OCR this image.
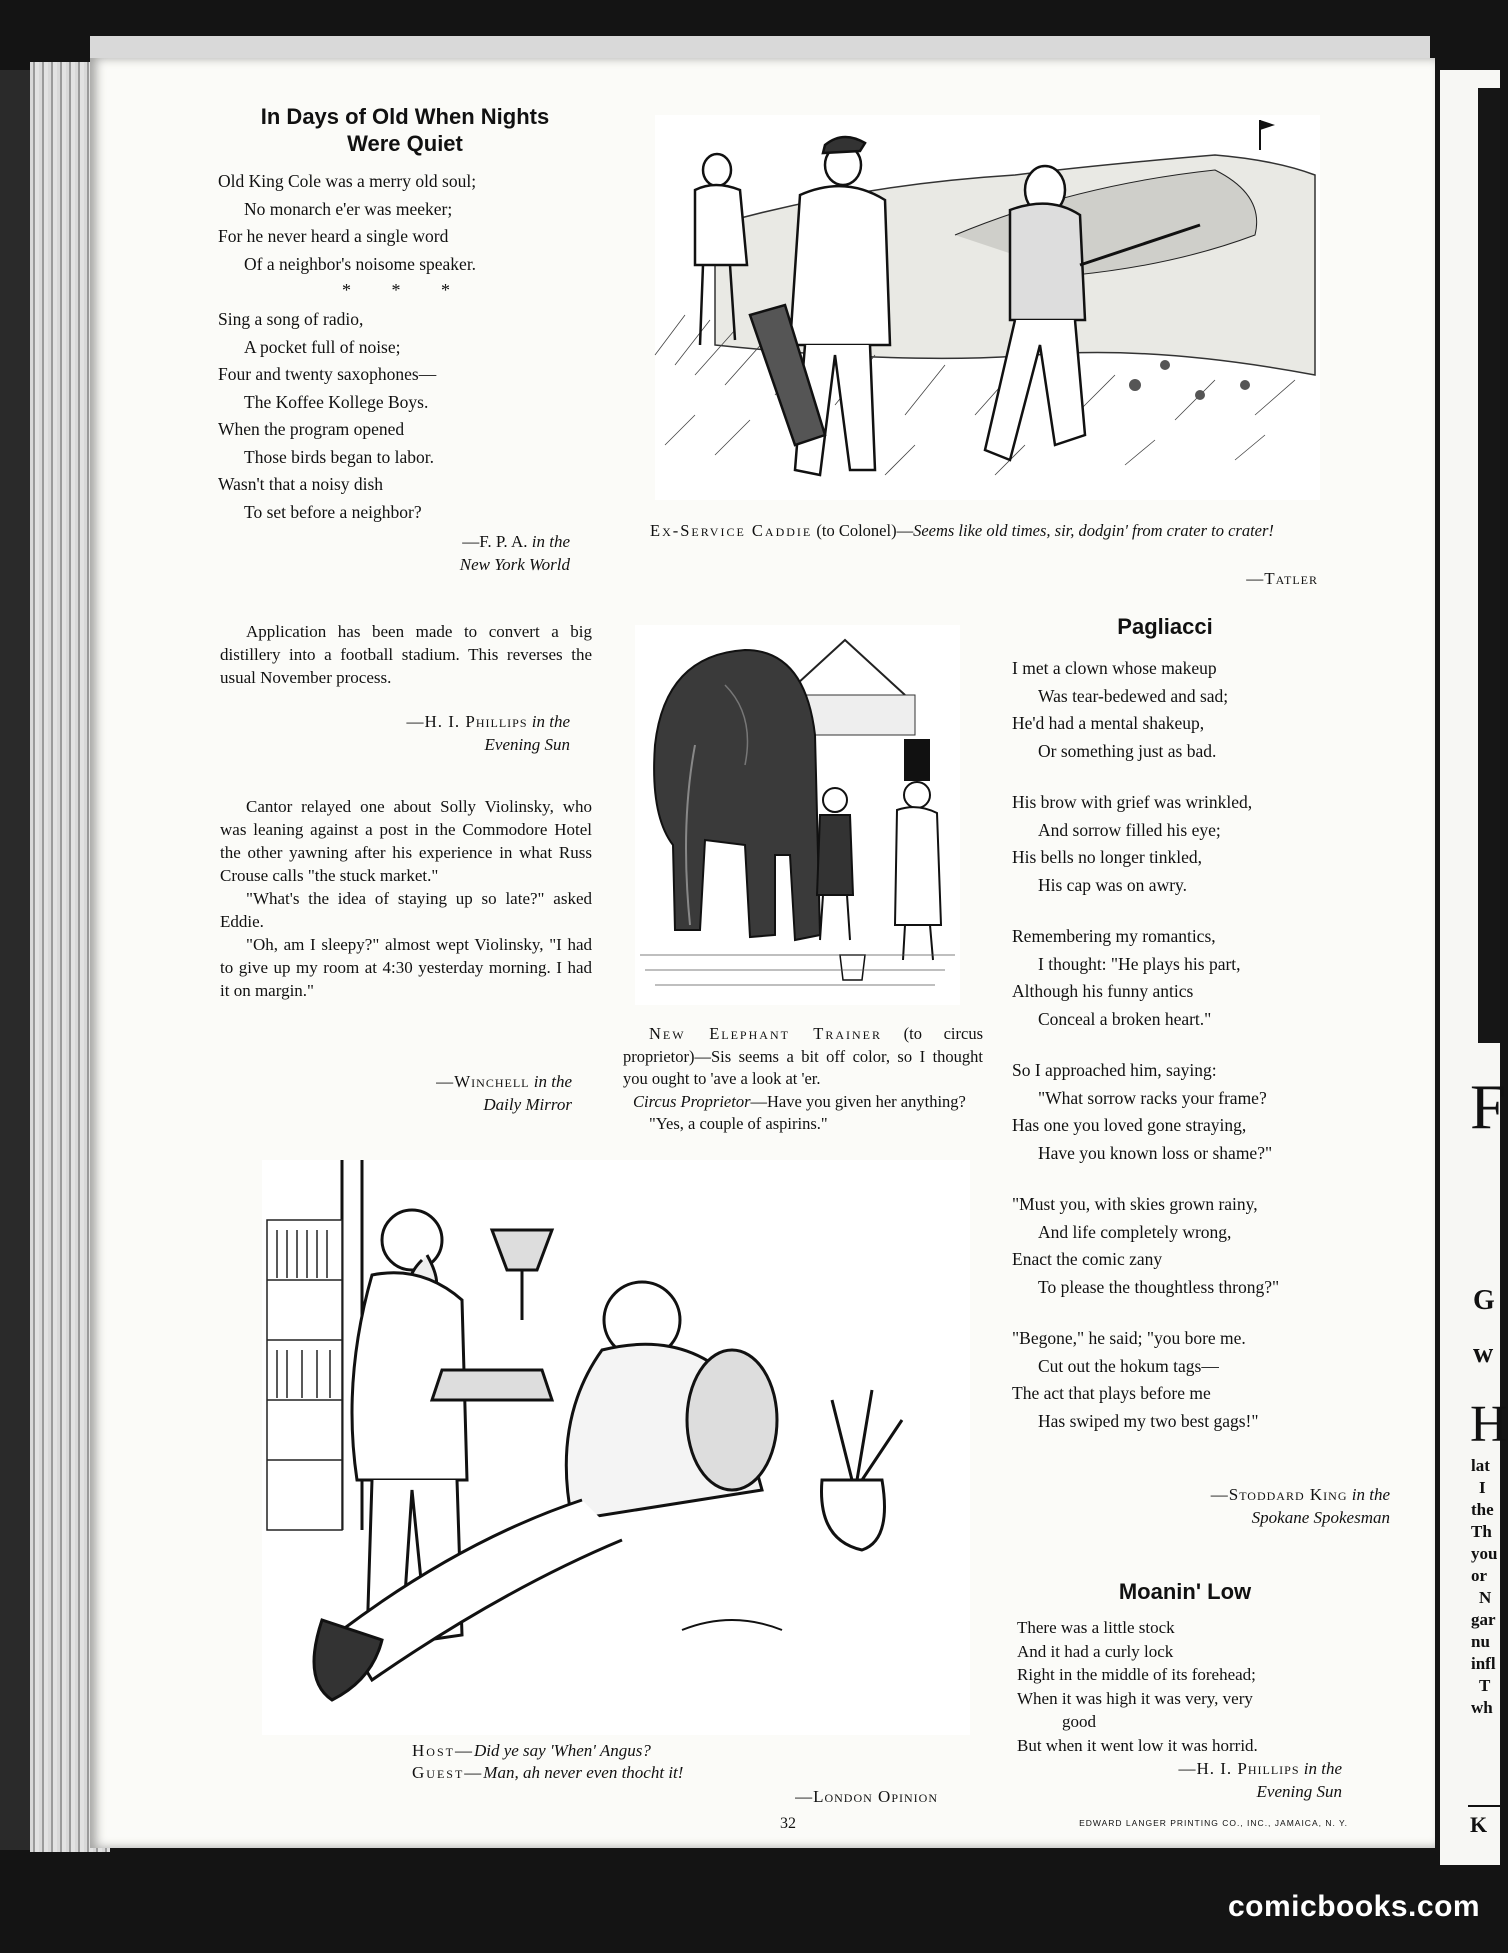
In Days of Old When Nights
Were Quiet
Old King Cole was a merry old soul;
No monarch e'er was meeker;
For he never heard a single word
Of a neighbor's noisome speaker.
* * *
Sing a song of radio,
A pocket full of noise;
Four and twenty saxophones—
The Koffee Kollege Boys.
When the program opened
Those birds began to labor.
Wasn't that a noisy dish
To set before a neighbor?
—F. P. A. in the
New York World

Application has been made to convert a big distillery into a football stadium. This reverses the usual November process.

—H. I. Phillips in the
Evening Sun

Cantor relayed one about Solly Violinsky, who was leaning against a post in the Commodore Hotel the other yawning after his experience in what Russ Crouse calls "the stuck market."

"What's the idea of staying up so late?" asked Eddie.

"Oh, am I sleepy?" almost wept Violinsky, "I had to give up my room at 4:30 yesterday morning. I had it on margin."

—Winchell in the
Daily Mirror
Ex-Service Caddie (to Colonel)—Seems like old times, sir, dodgin' from crater to crater!
—Tatler
New Elephant Trainer (to circus proprietor)—Sis seems a bit off color, so I thought you ought to 'ave a look at 'er.
Circus Proprietor—Have you given her anything?
"Yes, a couple of aspirins."
Host—Did ye say 'When' Angus?
Guest—Man, ah never even thocht it!
—London Opinion
Pagliacci
I met a clown whose makeup
Was tear-bedewed and sad;
He'd had a mental shakeup,
Or something just as bad.
His brow with grief was wrinkled,
And sorrow filled his eye;
His bells no longer tinkled,
His cap was on awry.
Remembering my romantics,
I thought: "He plays his part,
Although his funny antics
Conceal a broken heart."
So I approached him, saying:
"What sorrow racks your frame?
Has one you loved gone straying,
Have you known loss or shame?"
"Must you, with skies grown rainy,
And life completely wrong,
Enact the comic zany
To please the thoughtless throng?"
"Begone," he said; "you bore me.
Cut out the hokum tags—
The act that plays before me
Has swiped my two best gags!"
—Stoddard King in the
Spokane Spokesman
Moanin' Low
There was a little stock
And it had a curly lock
Right in the middle of its forehead;
When it was high it was very, very
good
But when it went low it was horrid.
—H. I. Phillips in the
Evening Sun
32	EDWARD LANGER PRINTING CO., INC., JAMAICA, N. Y.
F
G
w
H
lat
I
the
Th
you
or
N
gar
nu
infl
T
wh
K
comicbooks.com
